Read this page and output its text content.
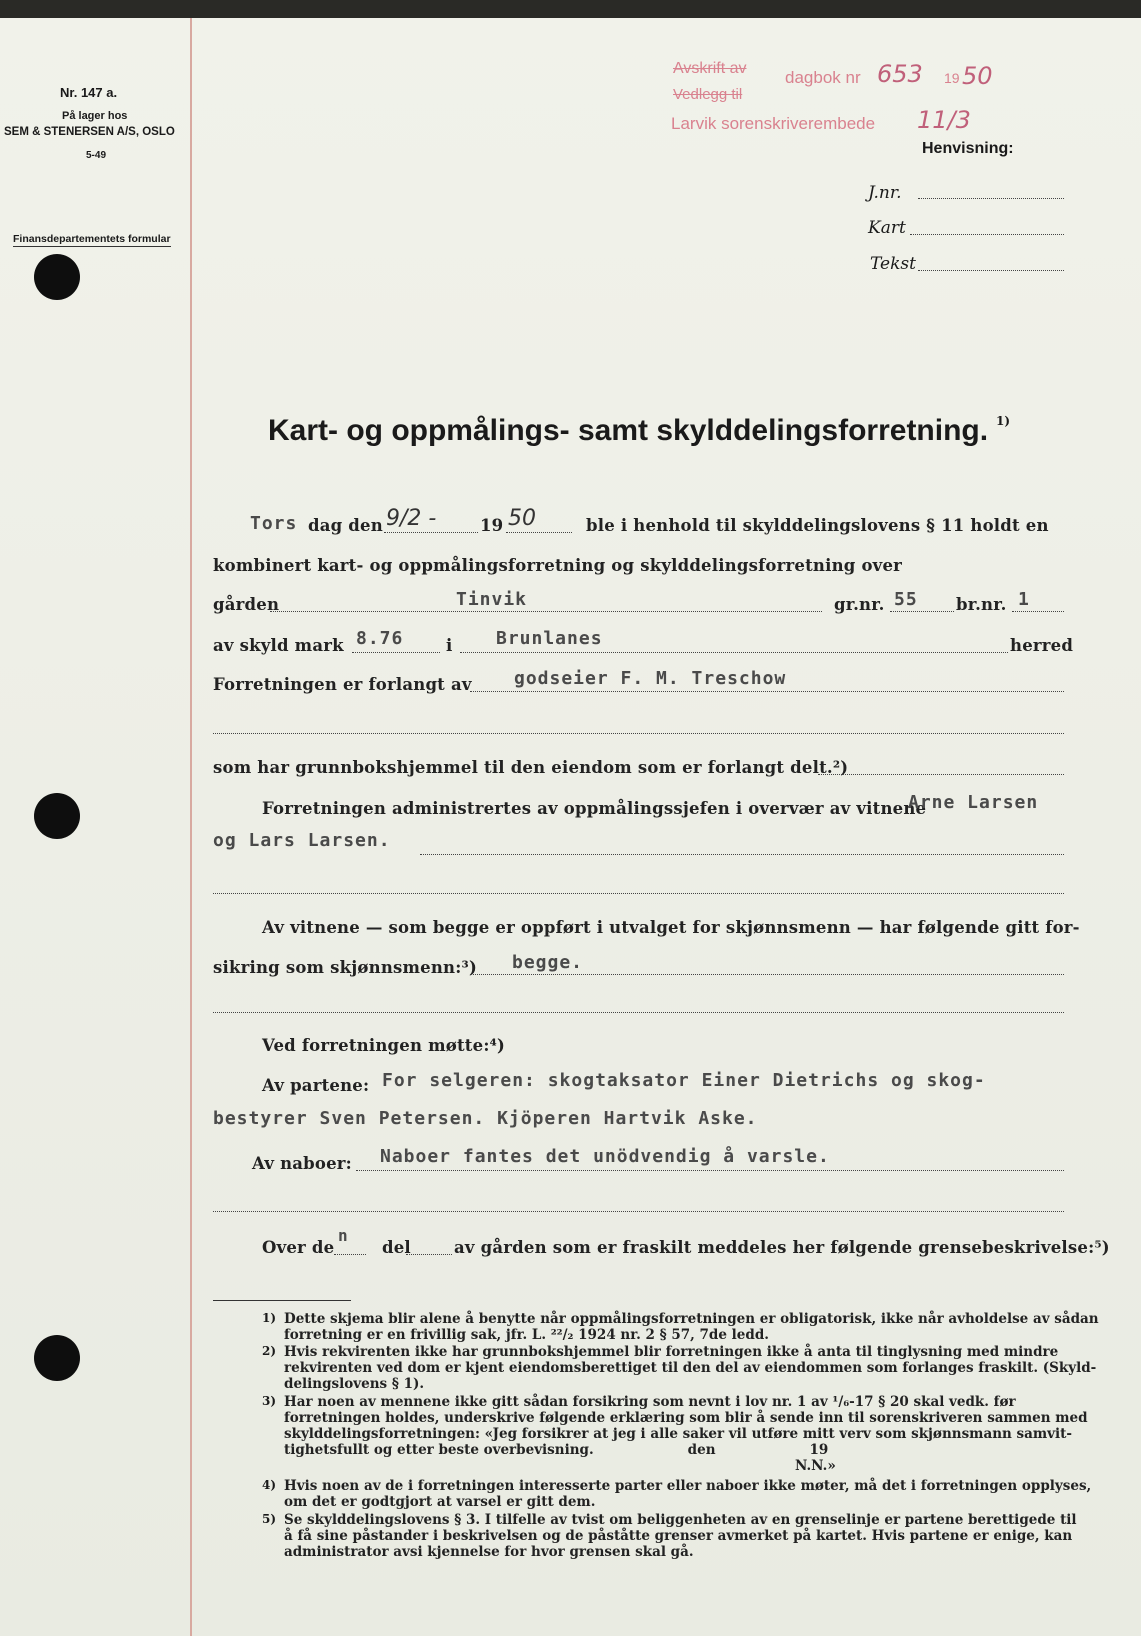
Nr. 147 a.
På lager hos
SEM & STENERSEN A/S, OSLO
5-49
Finansdepartementets formular
Avskrift av dagbok nr 653 19 50
Vedlegg til
Larvik sorenskriverembede 11/3
Henvisning:
J.nr.
Kart
Tekst
Kart- og oppmålings- samt skylddelingsforretning. 1)
Tors dag den 9/2 -	19 50	ble i henhold til skylddelingslovens § 11 holdt en
kombinert kart- og oppmålingsforretning og skylddelingsforretning over
gården	Tinvik	gr.nr. 55 br.nr. 1
av skyld mark 8.76	i Brunlanes	herred
Forretningen er forlangt av godseier F. M. Treschow
som har grunnbokshjemmel til den eiendom som er forlangt delt.²)
Forretningen administrertes av oppmålingssjefen i overvær av vitnene
Arne Larsen
og Lars Larsen.
Av vitnene — som begge er oppført i utvalget for skjønnsmenn — har følgende gitt for-
sikring som skjønnsmenn:³) begge.
Ved forretningen møtte:⁴)
Av partene: For selgeren: skogtaksator Einer Dietrichs og skog-
bestyrer Sven Petersen. Kjöperen Hartvik Aske.
Av naboer: Naboer fantes det unödvendig å varsle.
Over de
n
del	av gården som er fraskilt meddeles her følgende grensebeskrivelse:⁵)
1) Dette skjema blir alene å benytte når oppmålingsforretningen er obligatorisk, ikke når avholdelse av sådan
forretning er en frivillig sak, jfr. L. ²²/₂ 1924 nr. 2 § 57, 7de ledd.
2) Hvis rekvirenten ikke har grunnbokshjemmel blir forretningen ikke å anta til tinglysning med mindre
rekvirenten ved dom er kjent eiendomsberettiget til den del av eiendommen som forlanges fraskilt. (Skyld-
delingslovens § 1).
3) Har noen av mennene ikke gitt sådan forsikring som nevnt i lov nr. 1 av ¹/₆-17 § 20 skal vedk. før
forretningen holdes, underskrive følgende erklæring som blir å sende inn til sorenskriveren sammen med
skylddelingsforretningen: «Jeg forsikrer at jeg i alle saker vil utføre mitt verv som skjønnsmann samvit-
tighetsfullt og etter beste overbevisning.                    den                    19
N.N.»
4) Hvis noen av de i forretningen interesserte parter eller naboer ikke møter, må det i forretningen opplyses,
om det er godtgjort at varsel er gitt dem.
5) Se skylddelingslovens § 3. I tilfelle av tvist om beliggenheten av en grenselinje er partene berettigede til
å få sine påstander i beskrivelsen og de påståtte grenser avmerket på kartet. Hvis partene er enige, kan
administrator avsi kjennelse for hvor grensen skal gå.
